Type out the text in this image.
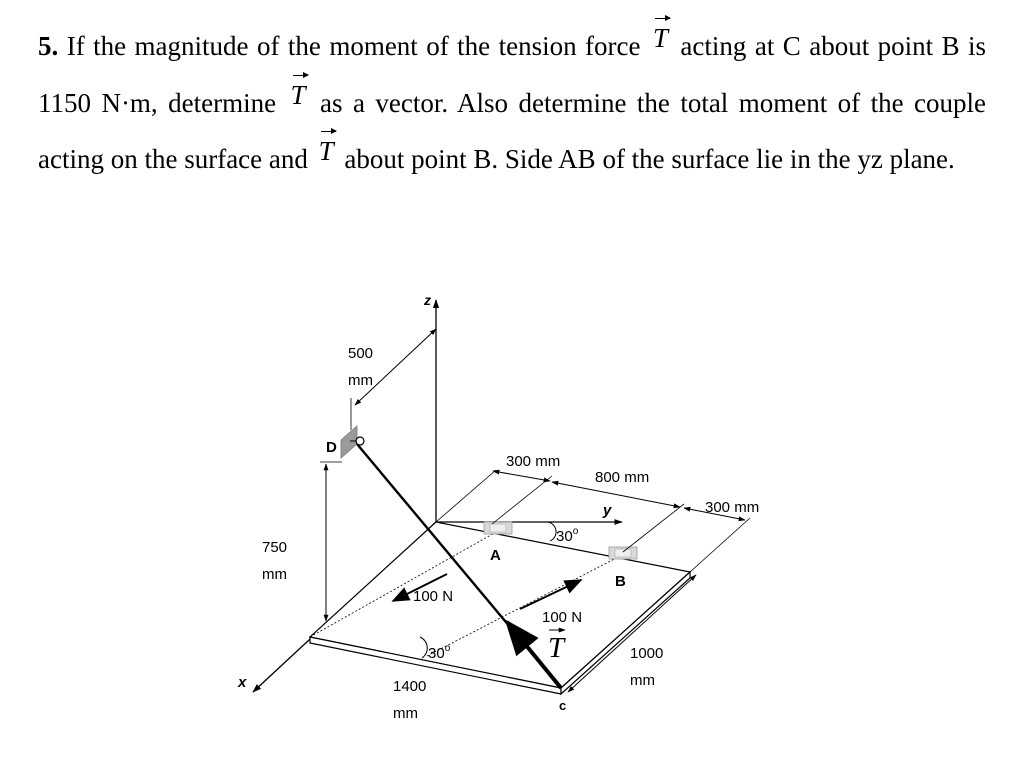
5. If the magnitude of the moment of the tension force T acting at C about point B is 1150 N·m, determine T as a vector. Also determine the total moment of the couple acting on the surface and T about point B. Side AB of the surface lie in the yz plane.
z
x
y
A
B
30$^o$
30$^o$
100 N
100 N
T
c
D
500
mm
750
mm
300 mm
800 mm
300 mm
1000
mm
1400
mm
